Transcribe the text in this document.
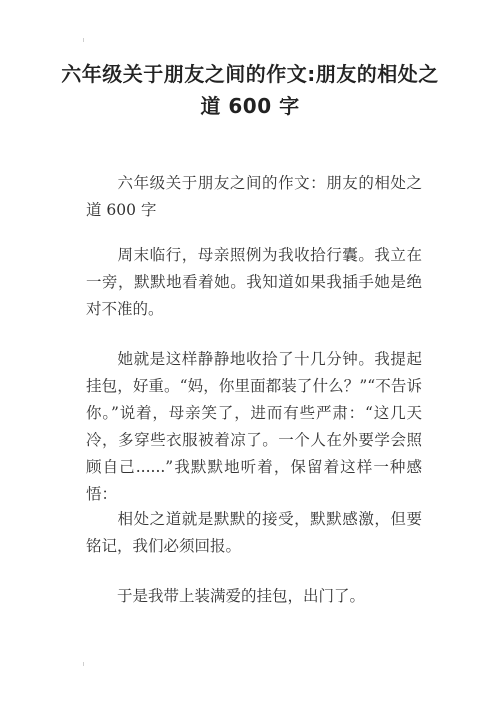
六年级关于朋友之间的作文:朋友的相处之道 600 字
六年级关于朋友之间的作文：朋友的相处之道 600 字
周末临行，母亲照例为我收拾行囊。我立在一旁，默默地看着她。我知道如果我插手她是绝对不准的。
她就是这样静静地收拾了十几分钟。我提起挂包，好重。“妈，你里面都装了什么？”“不告诉你。”说着，母亲笑了，进而有些严肃：“这几天冷，多穿些衣服被着凉了。一个人在外要学会照顾自己......”我默默地听着，保留着这样一种感悟：
相处之道就是默默的接受，默默感激，但要铭记，我们必须回报。
于是我带上装满爱的挂包，出门了。
